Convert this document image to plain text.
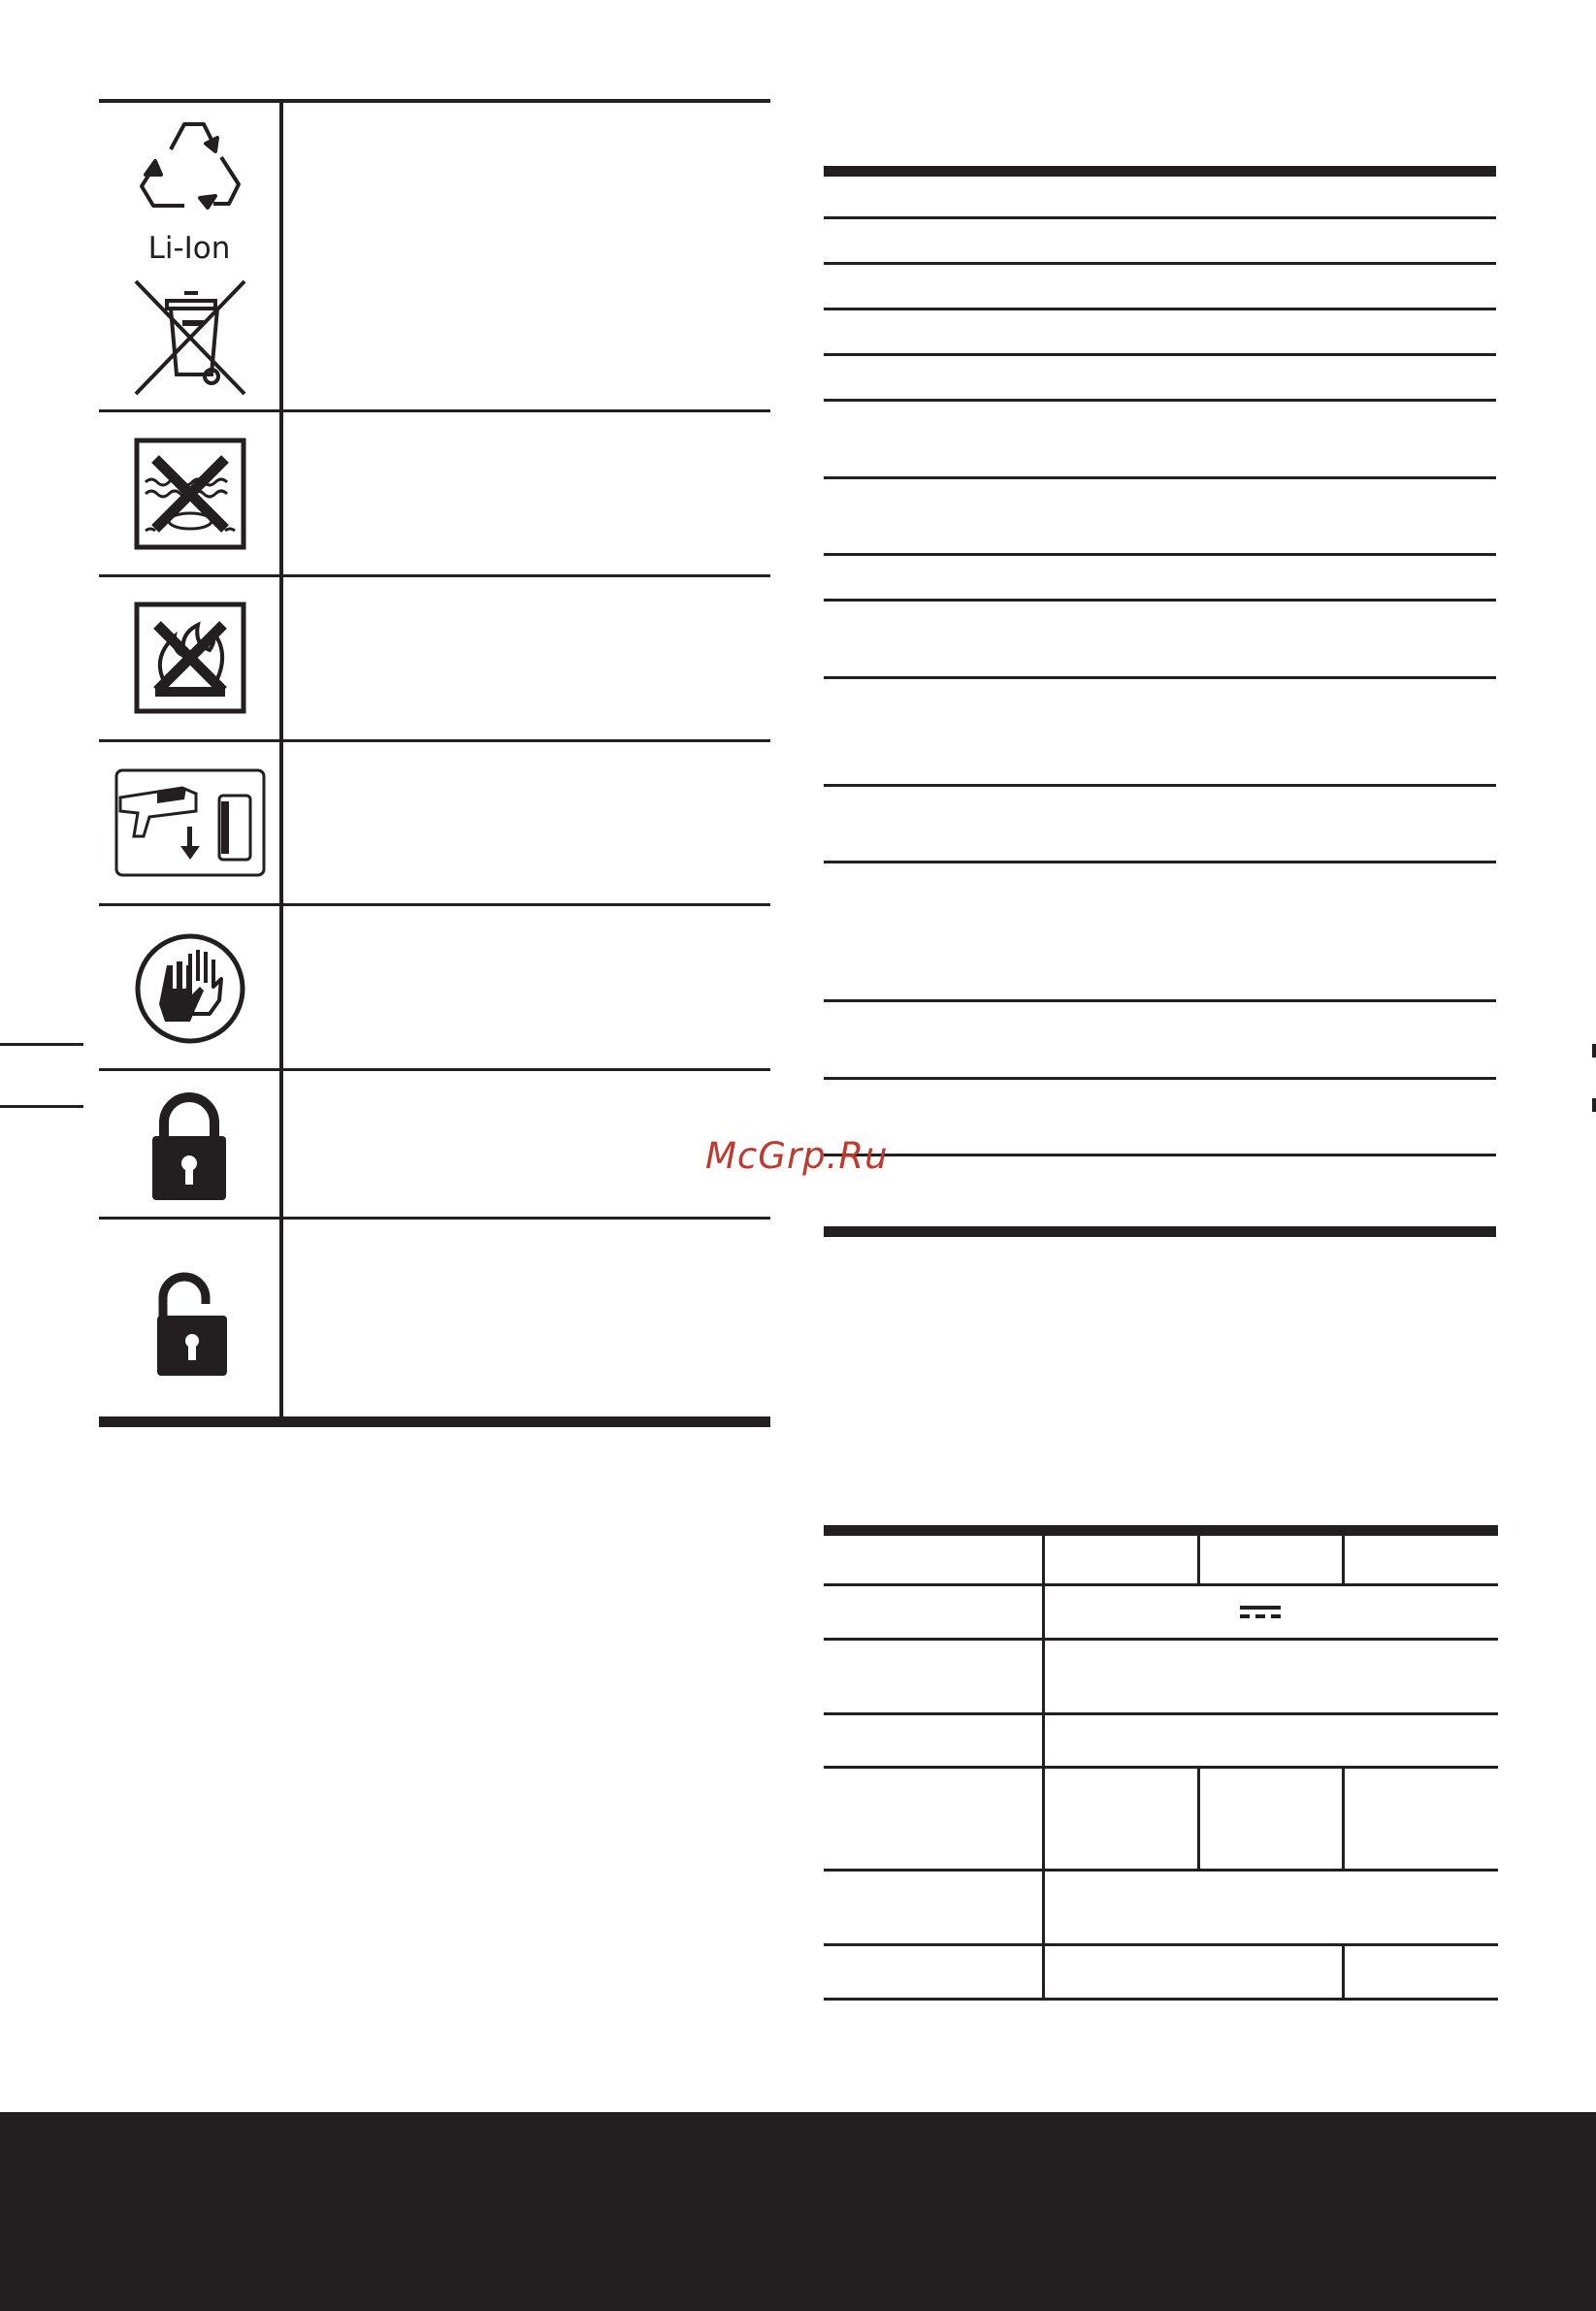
Li-Ion
McGrp.Ru
